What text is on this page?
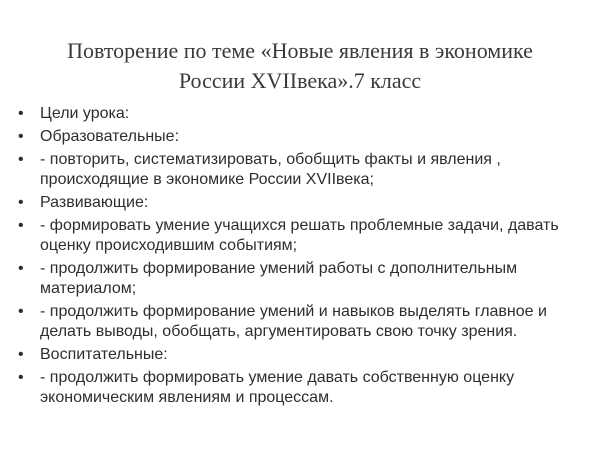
Повторение по теме «Новые явления в экономике
России XVIIвека».7 класс
• Цели урока:
• Образовательные:
• - повторить, систематизировать, обобщить факты и явления , происходящие в экономике России XVIIвека;
• Развивающие:
• - формировать умение учащихся решать проблемные задачи, давать оценку происходившим событиям;
• - продолжить формирование умений работы с дополнительным материалом;
• - продолжить формирование умений и навыков выделять главное и делать выводы, обобщать, аргументировать свою точку зрения.
• Воспитательные:
• - продолжить формировать умение давать собственную оценку экономическим явлениям и процессам.
